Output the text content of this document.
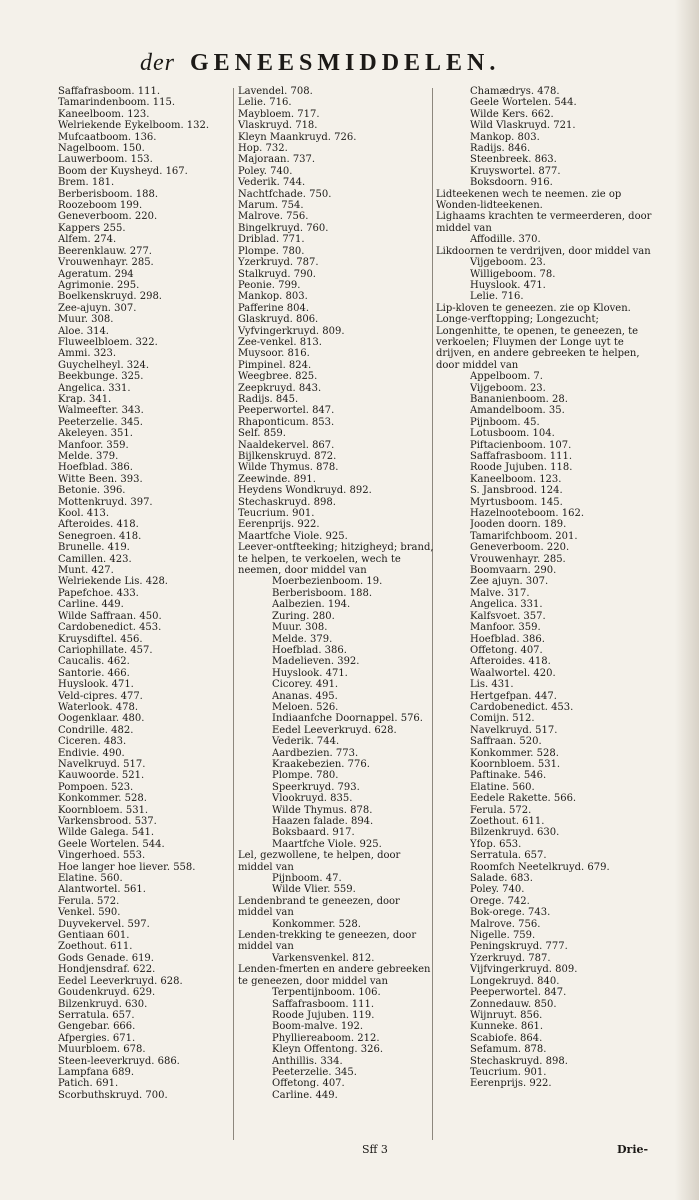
der GENEESMIDDELEN.
Saffafrasboom. 111.
Tamarindenboom. 115.
Kaneelboom. 123.
Welriekende Eykelboom. 132.
Mufcaatboom. 136.
Nagelboom. 150.
Lauwerboom. 153.
Boom der Kuysheyd. 167.
Brem. 181.
Berberisboom. 188.
Roozeboom 199.
Geneverboom. 220.
Kappers 255.
Alfem. 274.
Beerenklauw. 277.
Vrouwenhayr. 285.
Ageratum. 294
Agrimonie. 295.
Boelkenskruyd. 298.
Zee-ajuyn. 307.
Muur. 308.
Aloe. 314.
Fluweelbloem. 322.
Ammi. 323.
Guychelheyl. 324.
Beekbunge. 325.
Angelica. 331.
Krap. 341.
Walmeefter. 343.
Peeterzelie. 345.
Akeleyen. 351.
Manfoor. 359.
Melde. 379.
Hoefblad. 386.
Witte Been. 393.
Betonie. 396.
Mottenkruyd. 397.
Kool. 413.
Afteroides. 418.
Senegroen. 418.
Brunelle. 419.
Camillen. 423.
Munt. 427.
Welriekende Lis. 428.
Papefchoe. 433.
Carline. 449.
Wilde Saffraan. 450.
Cardobenedict. 453.
Kruysdiftel. 456.
Cariophillate. 457.
Caucalis. 462.
Santorie. 466.
Huyslook. 471.
Veld-cipres. 477.
Waterlook. 478.
Oogenklaar. 480.
Condrille. 482.
Ciceren. 483.
Endivie. 490.
Navelkruyd. 517.
Kauwoorde. 521.
Pompoen. 523.
Konkommer. 528.
Koornbloem. 531.
Varkensbrood. 537.
Wilde Galega. 541.
Geele Wortelen. 544.
Vingerhoed. 553.
Hoe langer hoe liever. 558.
Elatine. 560.
Alantwortel. 561.
Ferula. 572.
Venkel. 590.
Duyvekervel. 597.
Gentiaan 601.
Zoethout. 611.
Gods Genade. 619.
Hondjensdraf. 622.
Eedel Leeverkruyd. 628.
Goudenkruyd. 629.
Bilzenkruyd. 630.
Serratula. 657.
Gengebar. 666.
Afpergies. 671.
Muurbloem. 678.
Steen-leeverkruyd. 686.
Lampfana 689.
Patich. 691.
Scorbuthskruyd. 700.
Lavendel. 708.
Lelie. 716.
Maybloem. 717.
Vlaskruyd. 718.
Kleyn Maankruyd. 726.
Hop. 732.
Majoraan. 737.
Poley. 740.
Vederik. 744.
Nachtfchade. 750.
Marum. 754.
Malrove. 756.
Bingelkruyd. 760.
Driblad. 771.
Plompe. 780.
Yzerkruyd. 787.
Stalkruyd. 790.
Peonie. 799.
Mankop. 803.
Pafferine 804.
Glaskruyd. 806.
Vyfvingerkruyd. 809.
Zee-venkel. 813.
Muysoor. 816.
Pimpinel. 824.
Weegbree. 825.
Zeepkruyd. 843.
Radijs. 845.
Peeperwortel. 847.
Rhaponticum. 853.
Self. 859.
Naaldekervel. 867.
Bijlkenskruyd. 872.
Wilde Thymus. 878.
Zeewinde. 891.
Heydens Wondkruyd. 892.
Stechaskruyd. 898.
Teucrium. 901.
Eerenprijs. 922.
Maartfche Viole. 925.
Leever-ontfteeking; hitzigheyd; brand, te helpen, te verkoelen, wech te neemen, door middel van
Moerbezienboom. 19.
Berberisboom. 188.
Aalbezien. 194.
Zuring. 280.
Muur. 308.
Melde. 379.
Hoefblad. 386.
Madelieven. 392.
Huyslook. 471.
Cicorey. 491.
Ananas. 495.
Meloen. 526.
Indiaanfche Doornappel. 576.
Eedel Leeverkruyd. 628.
Vederik. 744.
Aardbezien. 773.
Kraakebezien. 776.
Plompe. 780.
Speerkruyd. 793.
Vlookruyd. 835.
Wilde Thymus. 878.
Haazen falade. 894.
Boksbaard. 917.
Maartfche Viole. 925.
Lel, gezwollene, te helpen, door middel van
Pijnboom. 47.
Wilde Vlier. 559.
Lendenbrand te geneezen, door middel van
Konkommer. 528.
Lenden-trekking te geneezen, door middel van
Varkensvenkel. 812.
Lenden-fmerten en andere gebreeken te geneezen, door middel van
Terpentijnboom. 106.
Saffafrasboom. 111.
Roode Jujuben. 119.
Boom-malve. 192.
Phylliereaboom. 212.
Kleyn Offentong. 326.
Anthillis. 334.
Peeterzelie. 345.
Offetong. 407.
Carline. 449.
Chamædrys. 478.
Geele Wortelen. 544.
Wilde Kers. 662.
Wild Vlaskruyd. 721.
Mankop. 803.
Radijs. 846.
Steenbreek. 863.
Kruyswortel. 877.
Boksdoorn. 916.
Lidteekenen wech te neemen. zie op Wonden-lidteekenen.
Lighaams krachten te vermeerderen, door middel van
Affodille. 370.
Likdoornen te verdrijven, door middel van
Vijgeboom. 23.
Willigeboom. 78.
Huyslook. 471.
Lelie. 716.
Lip-kloven te geneezen. zie op Kloven.
Longe-verftopping; Longezucht; Longenhitte, te openen, te geneezen, te verkoelen; Fluymen der Longe uyt te drijven, en andere gebreeken te helpen, door middel van
Appelboom. 7.
Vijgeboom. 23.
Bananienboom. 28.
Amandelboom. 35.
Pijnboom. 45.
Lotusboom. 104.
Piftacienboom. 107.
Saffafrasboom. 111.
Roode Jujuben. 118.
Kaneelboom. 123.
S. Jansbrood. 124.
Myrtusboom. 145.
Hazelnooteboom. 162.
Jooden doorn. 189.
Tamarifchboom. 201.
Geneverboom. 220.
Vrouwenhayr. 285.
Boomvaarn. 290.
Zee ajuyn. 307.
Malve. 317.
Angelica. 331.
Kalfsvoet. 357.
Manfoor. 359.
Hoefblad. 386.
Offetong. 407.
Afteroides. 418.
Waalwortel. 420.
Lis. 431.
Hertgefpan. 447.
Cardobenedict. 453.
Comijn. 512.
Navelkruyd. 517.
Saffraan. 520.
Konkommer. 528.
Koornbloem. 531.
Paftinake. 546.
Elatine. 560.
Eedele Rakette. 566.
Ferula. 572.
Zoethout. 611.
Bilzenkruyd. 630.
Yfop. 653.
Serratula. 657.
Roomfch Neetelkruyd. 679.
Salade. 683.
Poley. 740.
Orege. 742.
Bok-orege. 743.
Malrove. 756.
Nigelle. 759.
Peningskruyd. 777.
Yzerkruyd. 787.
Vijfvingerkruyd. 809.
Longekruyd. 840.
Peeperwortel. 847.
Zonnedauw. 850.
Wijnruyt. 856.
Kunneke. 861.
Scabiofe. 864.
Sefamum. 878.
Stechaskruyd. 898.
Teucrium. 901.
Eerenprijs. 922.
Sff 3	Drie-
